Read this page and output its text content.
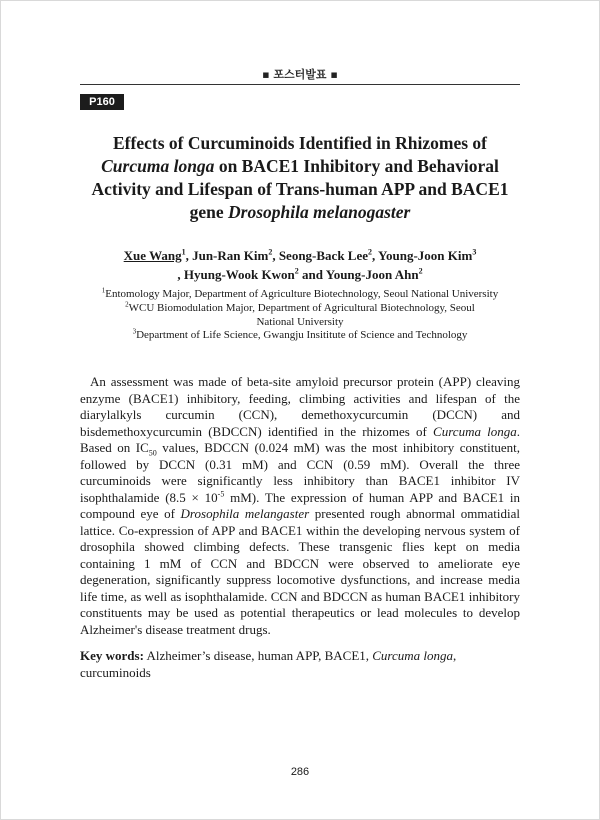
▪ 포스터발표 ▪
P160
Effects of Curcuminoids Identified in Rhizomes of Curcuma longa on BACE1 Inhibitory and Behavioral Activity and Lifespan of Trans-human APP and BACE1 gene Drosophila melanogaster
Xue Wang$^1$, Jun-Ran Kim$^2$, Seong-Back Lee$^2$, Young-Joon Kim$^3$
, Hyung-Wook Kwon$^2$ and Young-Joon Ahn$^2$
$^1$Entomology Major, Department of Agriculture Biotechnology, Seoul National University
$^2$WCU Biomodulation Major, Department of Agricultural Biotechnology, Seoul National University
$^3$Department of Life Science, Gwangju Insititute of Science and Technology

An assessment was made of beta-site amyloid precursor protein (APP) cleaving enzyme (BACE1) inhibitory, feeding, climbing activities and lifespan of the diarylalkyls curcumin (CCN), demethoxycurcumin (DCCN) and bisdemethoxycurcumin (BDCCN) identified in the rhizomes of Curcuma longa. Based on $IC_{50}$ values, BDCCN (0.024 mM) was the most inhibitory constituent, followed by DCCN (0.31 mM) and CCN (0.59 mM). Overall the three curcuminoids were significantly less inhibitory than BACE1 inhibitor IV isophthalamide ($8.5 \times 10^{-5}$ mM). The expression of human APP and BACE1 in compound eye of Drosophila melangaster presented rough abnormal ommatidial lattice. Co-expression of APP and BACE1 within the developing nervous system of drosophila showed climbing defects. These transgenic flies kept on media containing 1 mM of CCN and BDCCN were observed to ameliorate eye degeneration, significantly suppress locomotive dysfunctions, and increase media life time, as well as isophthalamide. CCN and BDCCN as human BACE1 inhibitory constituents may be used as potential therapeutics or lead molecules to develop Alzheimer's disease treatment drugs.

Key words: Alzheimer’s disease, human APP, BACE1, Curcuma longa, curcuminoids

286
